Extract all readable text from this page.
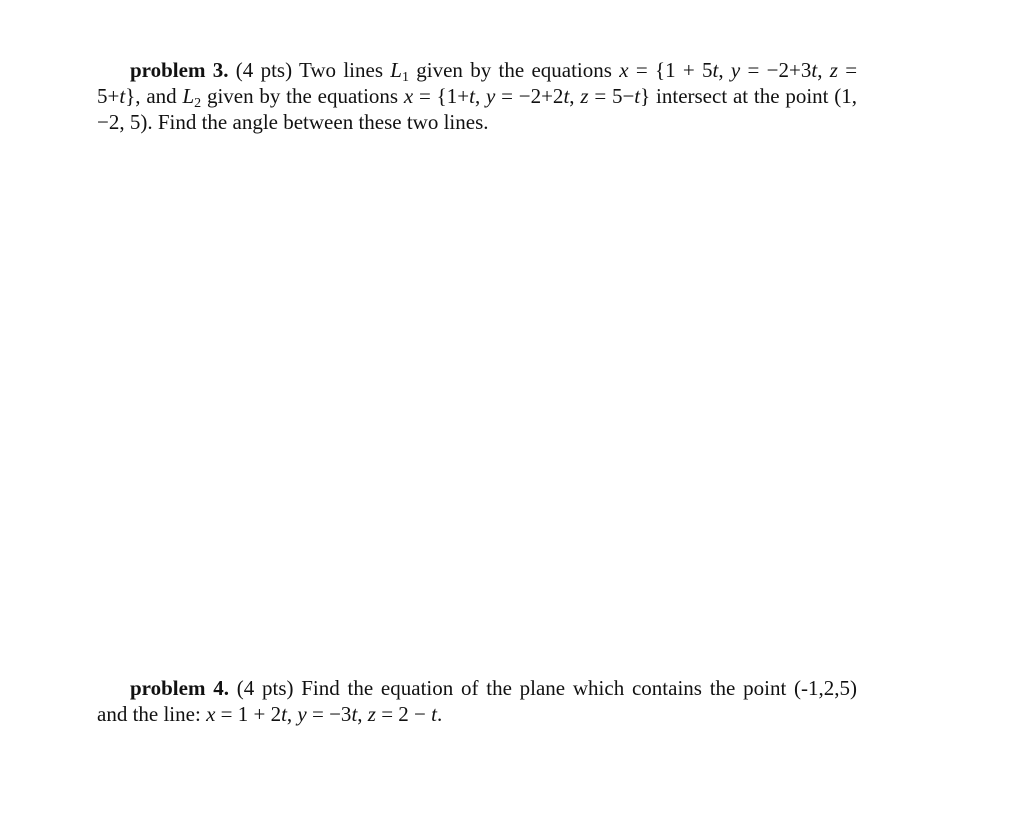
problem 3. (4 pts) Two lines $L_1$ given by the equations x = {1 + 5t, y = −2+3t, z = 5+t}, and $L_2$ given by the equations x = {1+t, y = −2+2t, z = 5−t} intersect at the point (1, −2, 5). Find the angle between these two lines.
problem 4. (4 pts) Find the equation of the plane which contains the point (-1,2,5) and the line: x = 1 + 2t, y = −3t, z = 2 − t.
